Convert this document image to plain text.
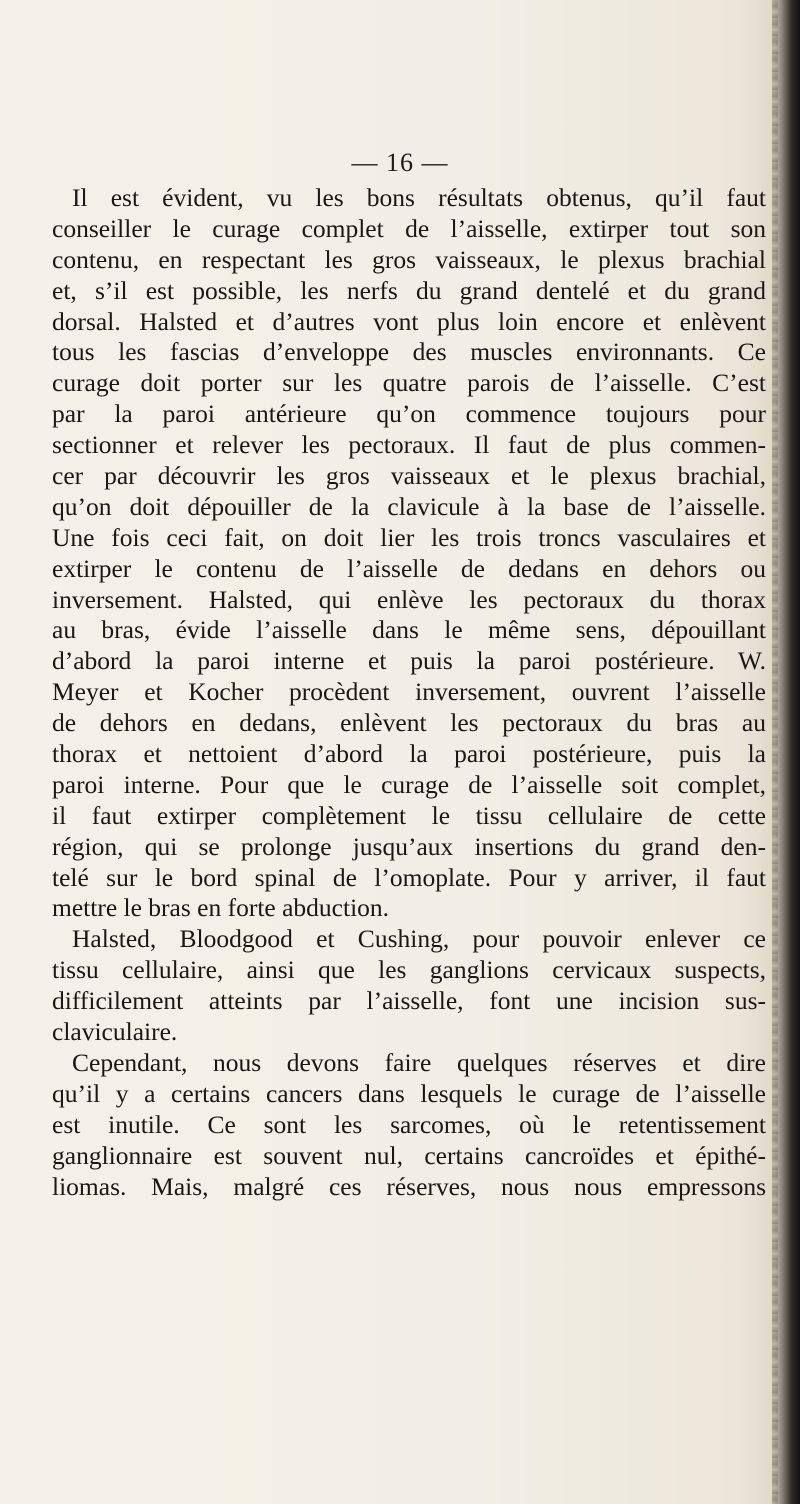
— 16 —
Il est évident, vu les bons résultats obtenus, qu’il faut
conseiller le curage complet de l’aisselle, extirper tout son
contenu, en respectant les gros vaisseaux, le plexus brachial
et, s’il est possible, les nerfs du grand dentelé et du grand
dorsal. Halsted et d’autres vont plus loin encore et enlèvent
tous les fascias d’enveloppe des muscles environnants. Ce
curage doit porter sur les quatre parois de l’aisselle. C’est
par la paroi antérieure qu’on commence toujours pour
sectionner et relever les pectoraux. Il faut de plus commen-
cer par découvrir les gros vaisseaux et le plexus brachial,
qu’on doit dépouiller de la clavicule à la base de l’aisselle.
Une fois ceci fait, on doit lier les trois troncs vasculaires et
extirper le contenu de l’aisselle de dedans en dehors ou
inversement. Halsted, qui enlève les pectoraux du thorax
au bras, évide l’aisselle dans le même sens, dépouillant
d’abord la paroi interne et puis la paroi postérieure. W.
Meyer et Kocher procèdent inversement, ouvrent l’aisselle
de dehors en dedans, enlèvent les pectoraux du bras au
thorax et nettoient d’abord la paroi postérieure, puis la
paroi interne. Pour que le curage de l’aisselle soit complet,
il faut extirper complètement le tissu cellulaire de cette
région, qui se prolonge jusqu’aux insertions du grand den-
telé sur le bord spinal de l’omoplate. Pour y arriver, il faut
mettre le bras en forte abduction.
Halsted, Bloodgood et Cushing, pour pouvoir enlever ce
tissu cellulaire, ainsi que les ganglions cervicaux suspects,
difficilement atteints par l’aisselle, font une incision sus-
claviculaire.
Cependant, nous devons faire quelques réserves et dire
qu’il y a certains cancers dans lesquels le curage de l’aisselle
est inutile. Ce sont les sarcomes, où le retentissement
ganglionnaire est souvent nul, certains cancroïdes et épithé-
liomas. Mais, malgré ces réserves, nous nous empressons
